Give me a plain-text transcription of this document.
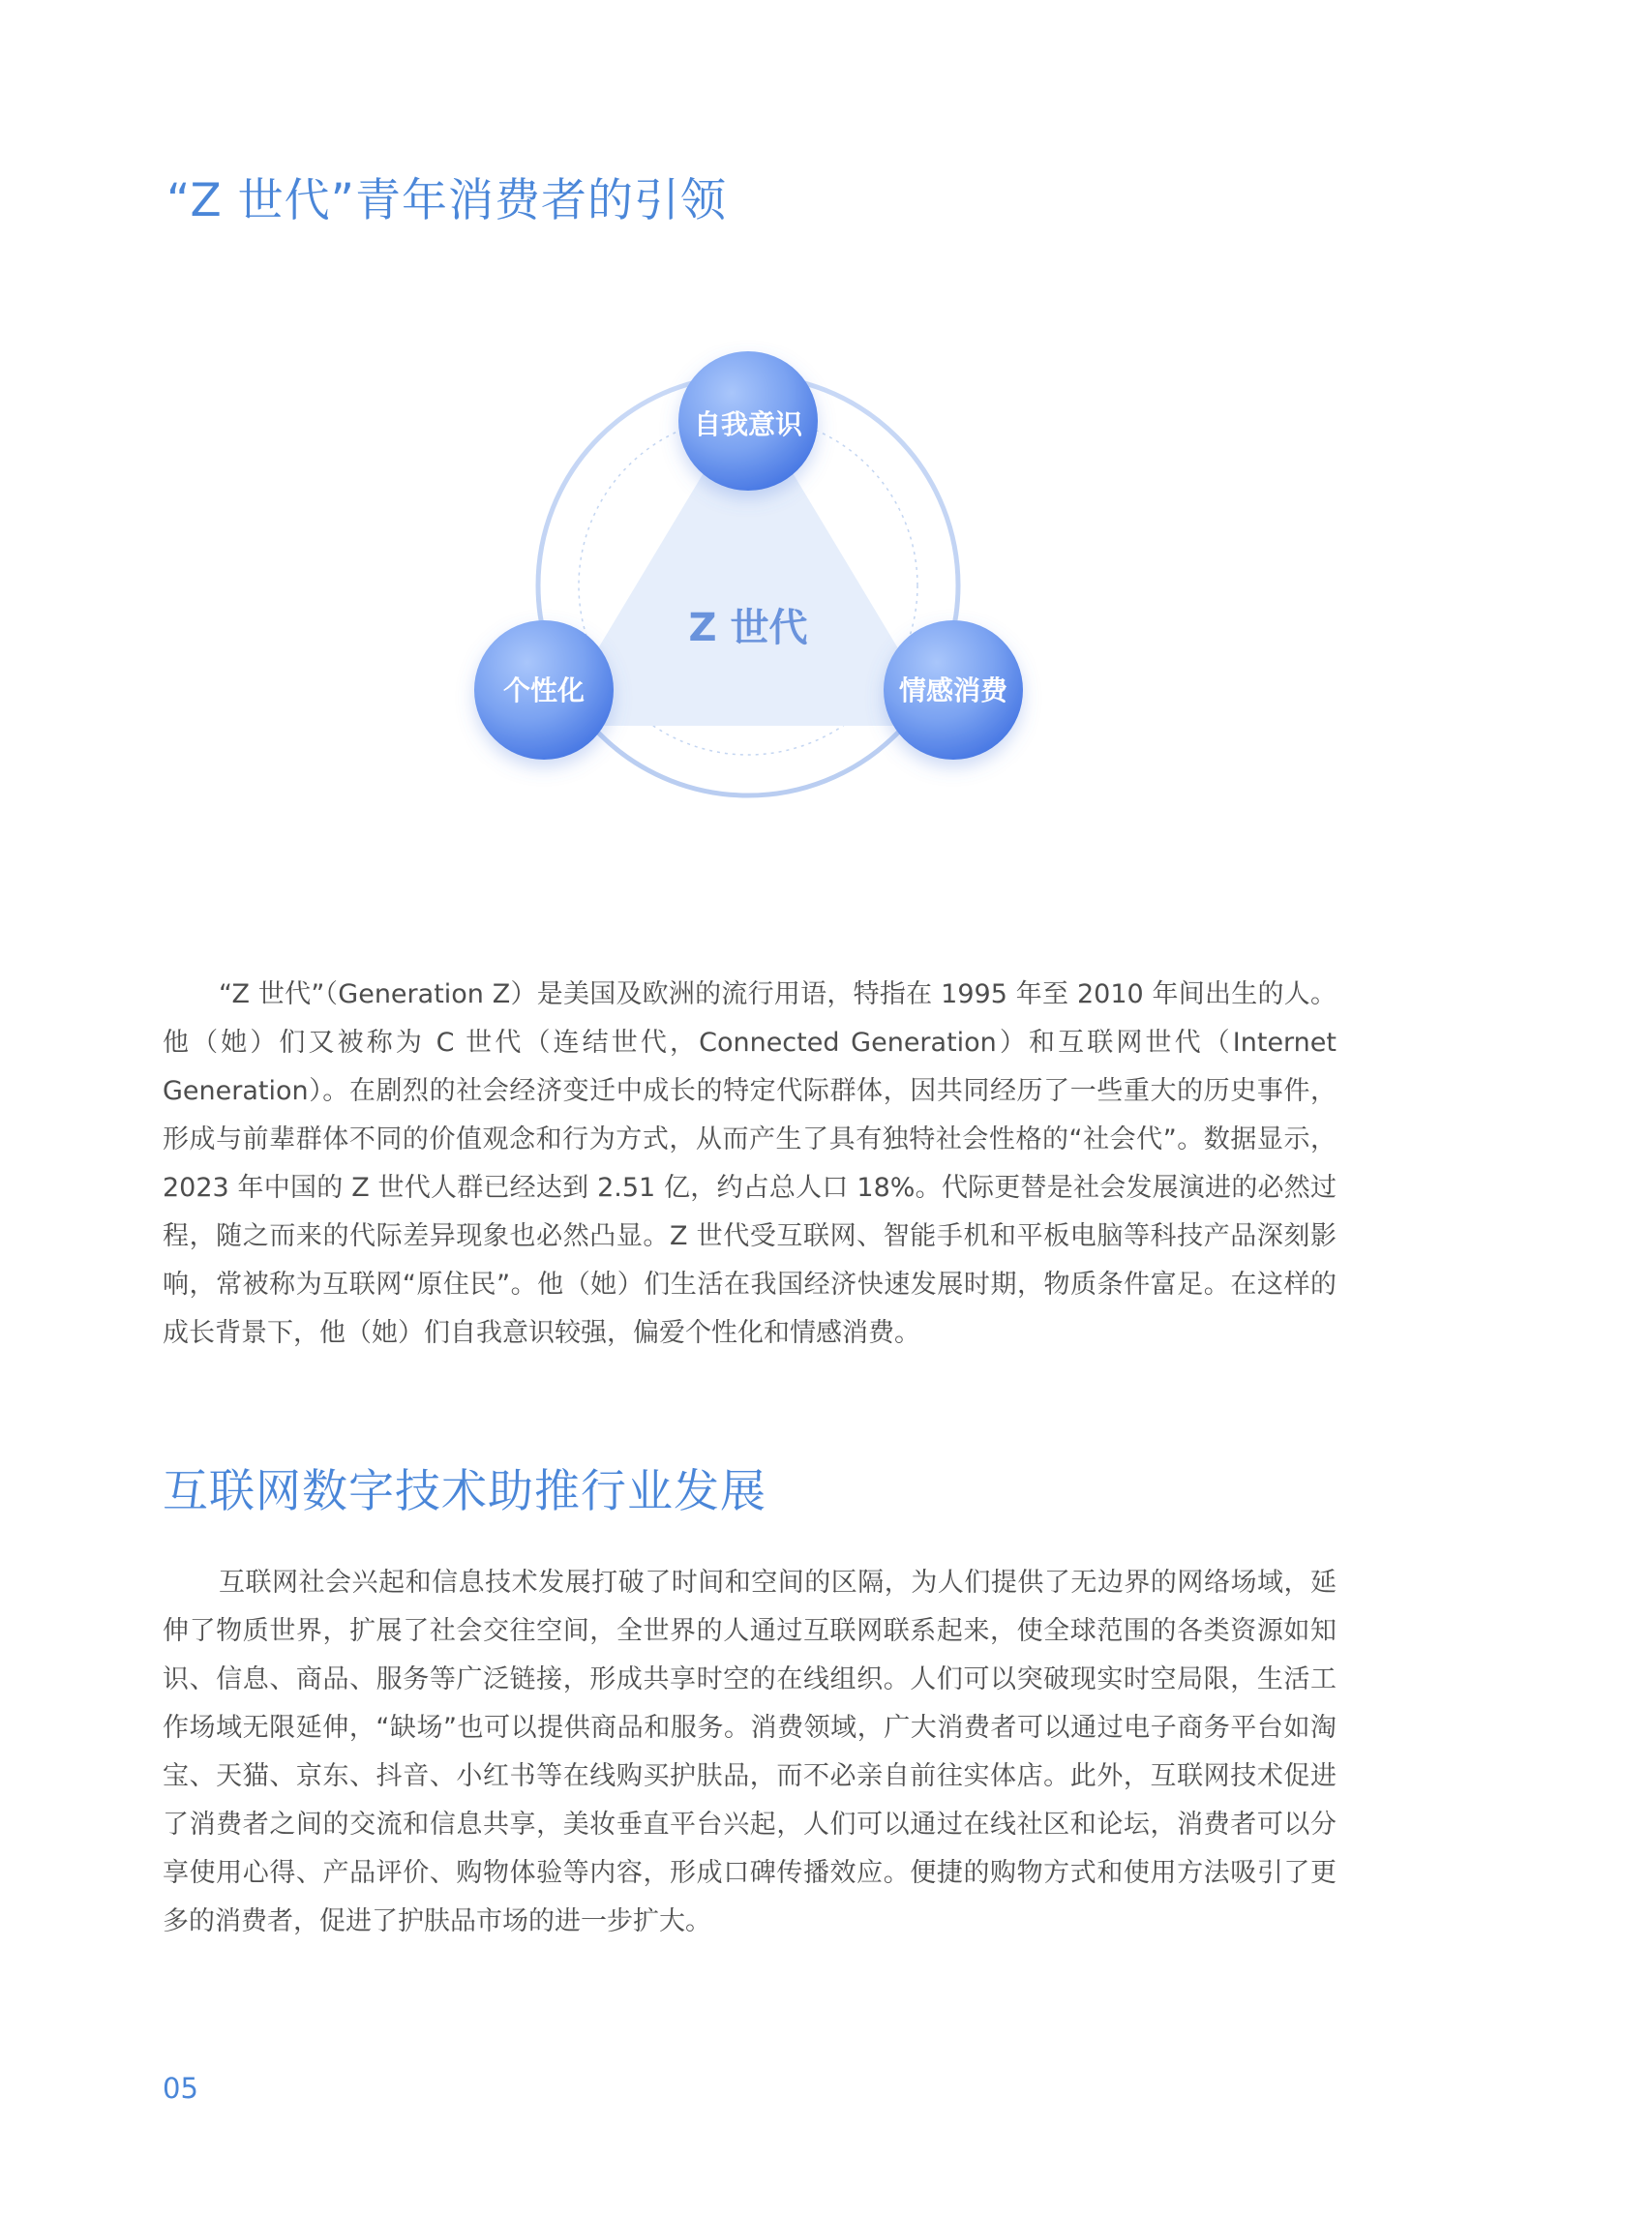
“Z 世代”青年消费者的引领
Z 世代
自我意识
个性化	情感消费

“Z 世代”（Generation Z）是美国及欧洲的流行用语，特指在 1995 年至 2010 年间出生的人。他（她）们又被称为 C 世代（连结世代，Connected Generation）和互联网世代（Internet Generation）。在剧烈的社会经济变迁中成长的特定代际群体，因共同经历了一些重大的历史事件，形成与前辈群体不同的价值观念和行为方式，从而产生了具有独特社会性格的“社会代”。数据显示，2023 年中国的 Z 世代人群已经达到 2.51 亿，约占总人口 18%。代际更替是社会发展演进的必然过程，随之而来的代际差异现象也必然凸显。Z 世代受互联网、智能手机和平板电脑等科技产品深刻影响，常被称为互联网“原住民”。他（她）们生活在我国经济快速发展时期，物质条件富足。在这样的成长背景下，他（她）们自我意识较强，偏爱个性化和情感消费。

互联网数字技术助推行业发展

互联网社会兴起和信息技术发展打破了时间和空间的区隔，为人们提供了无边界的网络场域，延伸了物质世界，扩展了社会交往空间，全世界的人通过互联网联系起来，使全球范围的各类资源如知识、信息、商品、服务等广泛链接，形成共享时空的在线组织。人们可以突破现实时空局限，生活工作场域无限延伸，“缺场”也可以提供商品和服务。消费领域，广大消费者可以通过电子商务平台如淘宝、天猫、京东、抖音、小红书等在线购买护肤品，而不必亲自前往实体店。此外，互联网技术促进了消费者之间的交流和信息共享，美妆垂直平台兴起，人们可以通过在线社区和论坛，消费者可以分享使用心得、产品评价、购物体验等内容，形成口碑传播效应。便捷的购物方式和使用方法吸引了更多的消费者，促进了护肤品市场的进一步扩大。

05
